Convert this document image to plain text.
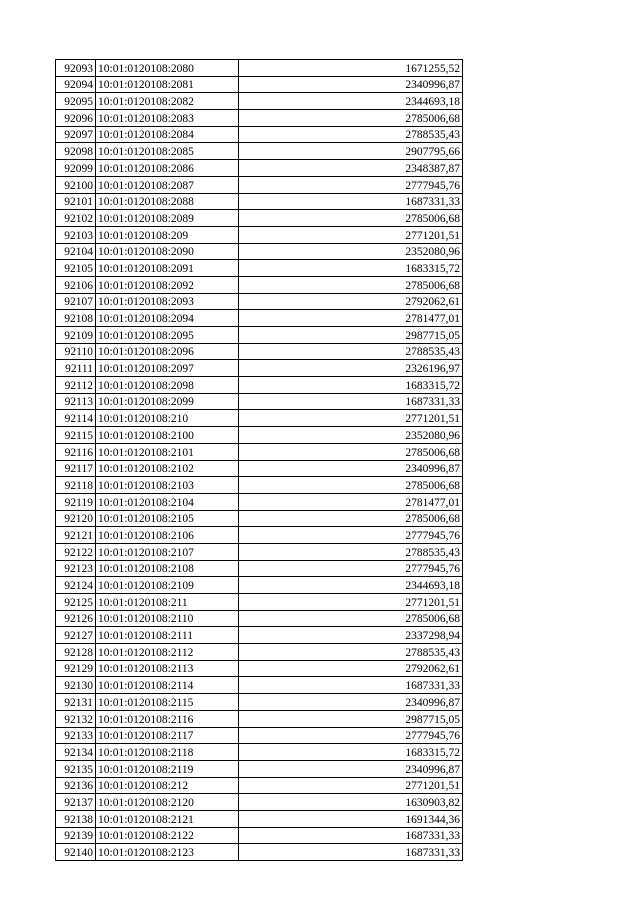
92093	10:01:0120108:2080	1671255,52
92094	10:01:0120108:2081	2340996,87
92095	10:01:0120108:2082	2344693,18
92096	10:01:0120108:2083	2785006,68
92097	10:01:0120108:2084	2788535,43
92098	10:01:0120108:2085	2907795,66
92099	10:01:0120108:2086	2348387,87
92100	10:01:0120108:2087	2777945,76
92101	10:01:0120108:2088	1687331,33
92102	10:01:0120108:2089	2785006,68
92103	10:01:0120108:209	2771201,51
92104	10:01:0120108:2090	2352080,96
92105	10:01:0120108:2091	1683315,72
92106	10:01:0120108:2092	2785006,68
92107	10:01:0120108:2093	2792062,61
92108	10:01:0120108:2094	2781477,01
92109	10:01:0120108:2095	2987715,05
92110	10:01:0120108:2096	2788535,43
92111	10:01:0120108:2097	2326196,97
92112	10:01:0120108:2098	1683315,72
92113	10:01:0120108:2099	1687331,33
92114	10:01:0120108:210	2771201,51
92115	10:01:0120108:2100	2352080,96
92116	10:01:0120108:2101	2785006,68
92117	10:01:0120108:2102	2340996,87
92118	10:01:0120108:2103	2785006,68
92119	10:01:0120108:2104	2781477,01
92120	10:01:0120108:2105	2785006,68
92121	10:01:0120108:2106	2777945,76
92122	10:01:0120108:2107	2788535,43
92123	10:01:0120108:2108	2777945,76
92124	10:01:0120108:2109	2344693,18
92125	10:01:0120108:211	2771201,51
92126	10:01:0120108:2110	2785006,68
92127	10:01:0120108:2111	2337298,94
92128	10:01:0120108:2112	2788535,43
92129	10:01:0120108:2113	2792062,61
92130	10:01:0120108:2114	1687331,33
92131	10:01:0120108:2115	2340996,87
92132	10:01:0120108:2116	2987715,05
92133	10:01:0120108:2117	2777945,76
92134	10:01:0120108:2118	1683315,72
92135	10:01:0120108:2119	2340996,87
92136	10:01:0120108:212	2771201,51
92137	10:01:0120108:2120	1630903,82
92138	10:01:0120108:2121	1691344,36
92139	10:01:0120108:2122	1687331,33
92140	10:01:0120108:2123	1687331,33
